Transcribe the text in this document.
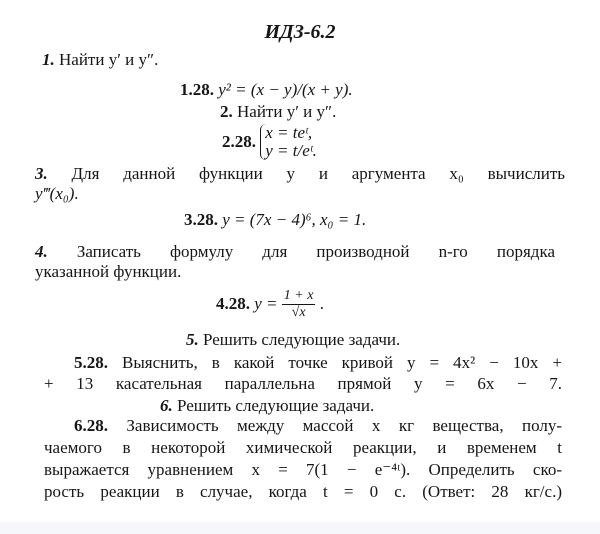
ИДЗ-6.2
1. Найти y′ и y″.
1.28. y² = (x − y)/(x + y).
2. Найти y′ и y″.
2.28. x = teᵗ,
y = t/eᵗ.
3. Для данной функции y и аргумента x₀ вычислить
y‴(x₀).
3.28. y = (7x − 4)⁶, x₀ = 1.
4. Записать формулу для производной n-го порядка
указанной функции.
4.28. $y = \frac{1 + x}{√x}$ .
5. Решить следующие задачи.
5.28. Выяснить, в какой точке кривой y = 4x² − 10x +
+ 13 касательная параллельна прямой y = 6x − 7.
6. Решить следующие задачи.
6.28. Зависимость между массой x кг вещества, полу-
чаемого в некоторой химической реакции, и временем t
выражается уравнением x = 7(1 − e⁻⁴ᵗ). Определить ско-
рость реакции в случае, когда t = 0 с. (Ответ: 28 кг/с.)
